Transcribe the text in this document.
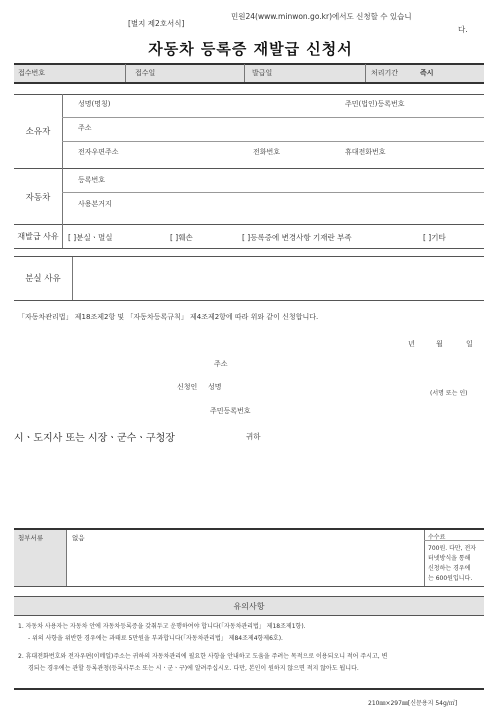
[별지 제2호서식]
민원24(www.minwon.go.kr)에서도 신청할 수 있습니
다.
자동차 등록증 재발급 신청서
접수번호	접수일	발급일	처리기간	즉시
소유자
성명(명칭)	주민(법인)등록번호
주소
전자우편주소	전화번호	휴대전화번호
자동차
등록번호
사용본거지
재발급 사유	[ ]분실ㆍ멸실	[ ]훼손	[ ]등록증에 변경사항 기재란 부족	[ ]기타
분실 사유
「자동차관리법」 제18조제2항 및 「자동차등록규칙」 제4조제2항에 따라 위와 같이 신청합니다.
년	월	일
주소
신청인 성명
(서명 또는 인)
주민등록번호
시ㆍ도지사 또는 시장ㆍ군수ㆍ구청장	귀하
첨부서류	없음	수수료
700원. 다만, 전자
터넷방식을 통해
신청하는 경우에
는 600원입니다.
유의사항
1. 자동차 사용자는 자동차 안에 자동차등록증을 갖춰두고 운행하여야 합니다(「자동차관리법」 제18조제1항).
- 위의 사항을 위반한 경우에는 과태료 5만원을 부과합니다(「자동차관리법」 제84조제4항제6호).
2. 휴대전화번호와 전자우편(이메일)주소는 귀하의 자동차관리에 필요한 사항을 안내하고 도움을 주려는 목적으로 이용되오니 적어 주시고, 변
경되는 경우에는 관할 등록관청(등록사무소 또는 시ㆍ군ㆍ구)에 알려주십시오. 다만, 본인이 원하지 않으면 적지 않아도 됩니다.
210㎜×297㎜[신문용지 54g/㎡]
